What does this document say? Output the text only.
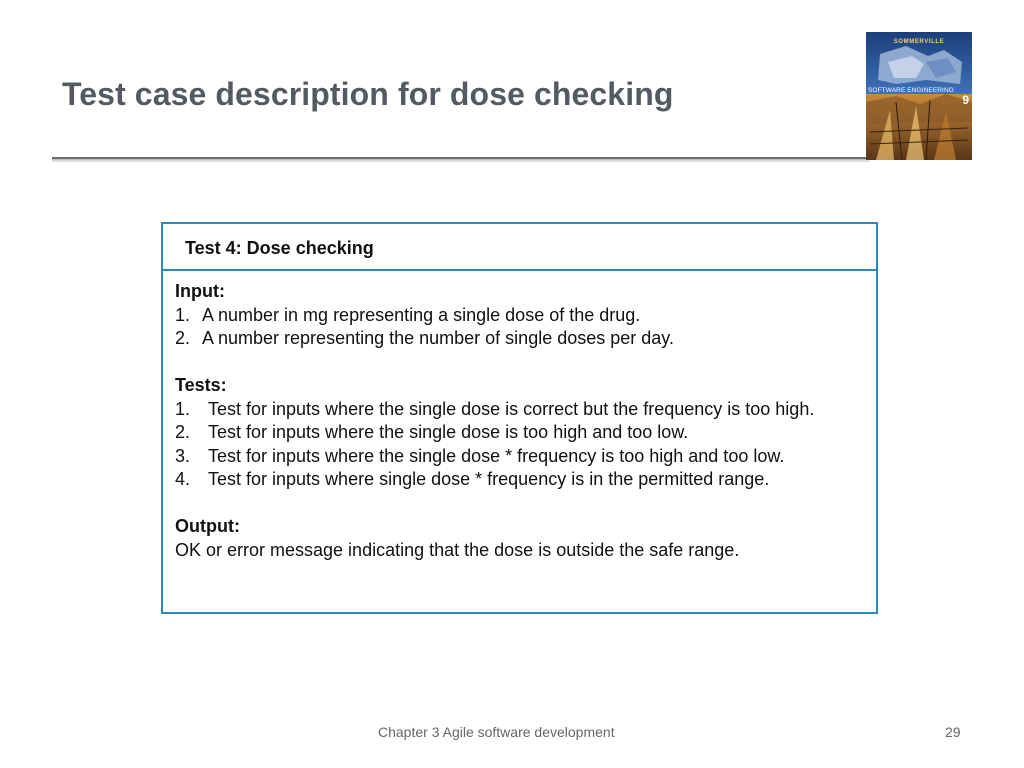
Test case description for dose checking
SOMMERVILLE
SOFTWARE ENGINEERING
9
Test 4: Dose checking
Input:
1. A number in mg representing a single dose of the drug.
2. A number representing the number of single doses per day.
Tests:
1. Test for inputs where the single dose is correct but the frequency is too high.
2. Test for inputs where the single dose is too high and too low.
3. Test for inputs where the single dose * frequency is too high and too low.
4. Test for inputs where single dose * frequency is in the permitted range.
Output:
OK or error message indicating that the dose is outside the safe range.
Chapter 3 Agile software development	29
